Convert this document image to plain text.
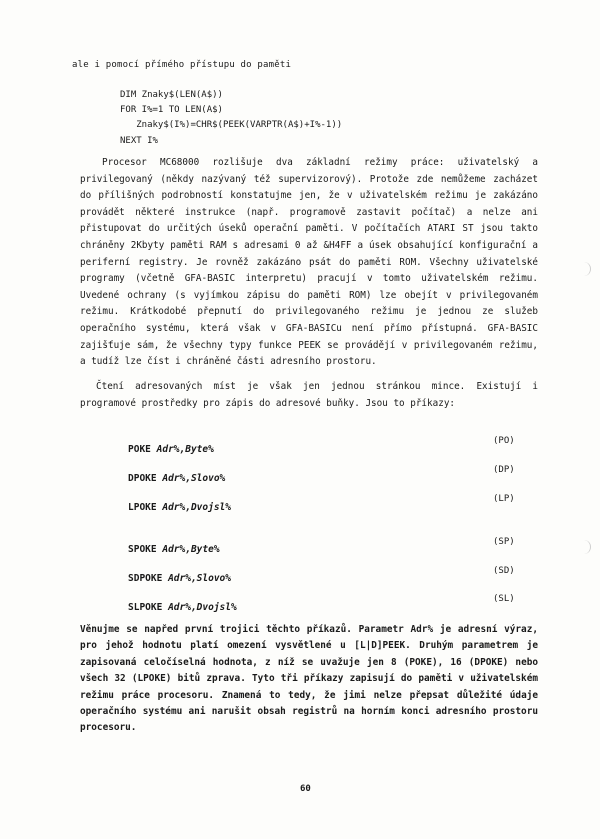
ale i pomocí přímého přístupu do paměti
DIM Znaky$(LEN(A$))
FOR I%=1 TO LEN(A$)
Znaky$(I%)=CHR$(PEEK(VARPTR(A$)+I%-1))
NEXT I%

Procesor MC68000 rozlišuje dva základní režimy práce: uživatelský a privilegovaný (někdy nazývaný též supervizorový). Protože zde nemůžeme zacházet do přílišných podrobností konstatujme jen, že v uživatelském režimu je zakázáno provádět některé instrukce (např. programově zastavit počítač) a nelze ani přistupovat do určitých úseků operační paměti. V počítačích ATARI ST jsou takto chráněny 2Kbyty paměti RAM s adresami 0 až &H4FF a úsek obsahující konfigurační a periferní registry. Je rovněž zakázáno psát do paměti ROM. Všechny uživatelské programy (včetně GFA-BASIC interpretu) pracují v tomto uživatelském režimu. Uvedené ochrany (s vyjímkou zápisu do paměti ROM) lze obejít v privilegovaném režimu. Krátkodobé přepnutí do privilegovaného režimu je jednou ze služeb operačního systému, která však v GFA-BASICu není přímo přístupná. GFA-BASIC zajišťuje sám, že všechny typy funkce PEEK se provádějí v privilegovaném režimu, a tudíž lze číst i chráněné části adresního prostoru.

Čtení adresovaných míst je však jen jednou stránkou mince. Existují i programové prostředky pro zápis do adresové buňky. Jsou to příkazy:

POKE Adr%,Byte%
(PO)
DPOKE Adr%,Slovo%
(DP)
LPOKE Adr%,Dvojsl%
(LP)
SPOKE Adr%,Byte%
(SP)
SDPOKE Adr%,Slovo%
(SD)
SLPOKE Adr%,Dvojsl%
(SL)

Věnujme se napřed první trojici těchto příkazů. Parametr Adr% je adresní výraz, pro jehož hodnotu platí omezení vysvětlené u [L|D]PEEK. Druhým parametrem je zapisovaná celočíselná hodnota, z níž se uvažuje jen 8 (POKE), 16 (DPOKE) nebo všech 32 (LPOKE) bitů zprava. Tyto tři příkazy zapisují do paměti v uživatelském režimu práce procesoru. Znamená to tedy, že jimi nelze přepsat důležité údaje operačního systému ani narušit obsah registrů na horním konci adresního prostoru procesoru.

60
